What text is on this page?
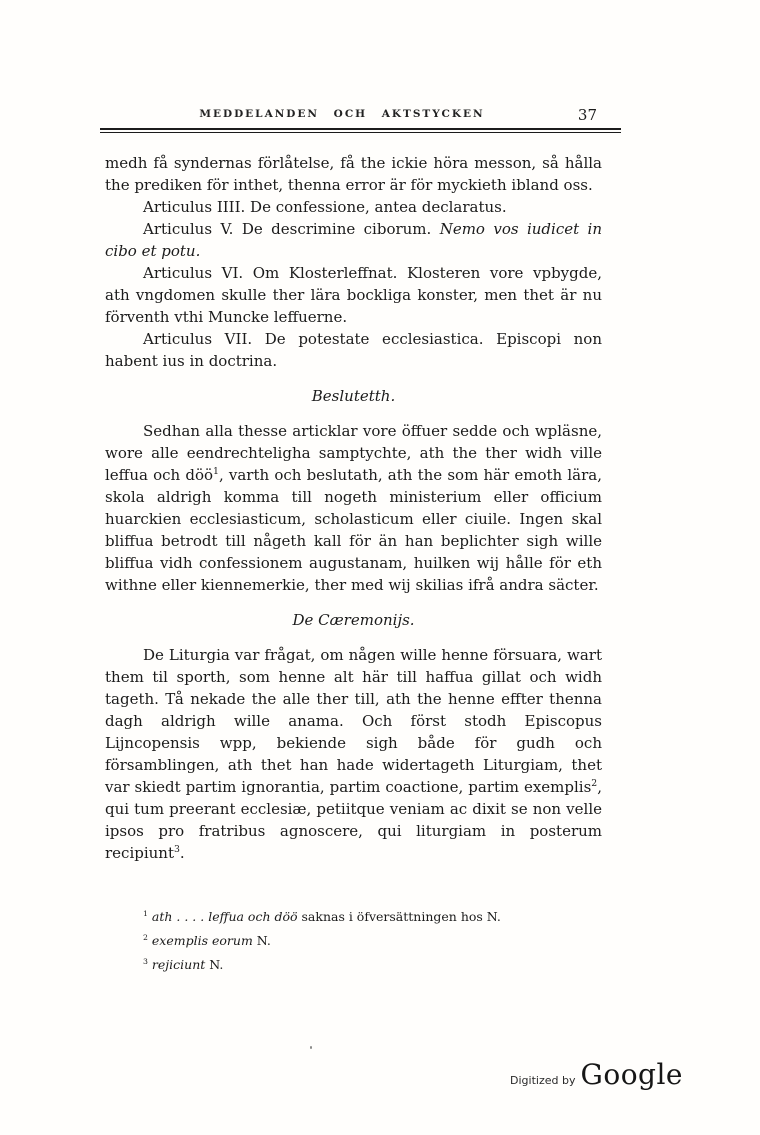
MEDDELANDEN OCH AKTSTYCKEN	37
medh få syndernas förlåtelse, få the ickie höra messon, så hålla the prediken för inthet, thenna error är för myckieth ibland oss.
Articulus IIII. De confessione, antea declaratus.
Articulus V. De descrimine ciborum. Nemo vos iudicet in cibo et potu.
Articulus VI. Om Klosterleffnat. Klosteren vore vpbygde, ath vngdomen skulle ther lära bockliga konster, men thet är nu förventh vthi Muncke leffuerne.
Articulus VII. De potestate ecclesiastica. Episcopi non habent ius in doctrina.
Beslutetth.
Sedhan alla thesse articklar vore öffuer sedde och wpläsne, wore alle eendrechteligha samptychte, ath the ther widh ville leffua och döö$^1$, varth och beslutath, ath the som här emoth lära, skola aldrigh komma till nogeth ministerium eller officium huarckien ecclesiasticum, scholasticum eller ciuile. Ingen skal bliffua betrodt till någeth kall för än han beplichter sigh wille bliffua vidh confessionem augustanam, huilken wij hålle för eth withne eller kiennemerkie, ther med wij skilias ifrå andra säcter.
De Cæremonijs.
De Liturgia var frågat, om någen wille henne försuara, wart them til sporth, som henne alt här till haffua gillat och widh tageth. Tå nekade the alle ther till, ath the henne effter thenna dagh aldrigh wille anama. Och först stodh Episcopus Lijncopensis wpp, bekiende sigh både för gudh och församblingen, ath thet han hade widertageth Liturgiam, thet var skiedt partim ignorantia, partim coactione, partim exemplis$^2$, qui tum preerant ecclesiæ, petiitque veniam ac dixit se non velle ipsos pro fratribus agnoscere, qui liturgiam in posterum recipiunt$^3$.
$^1$ ath . . . . leffua och döö saknas i öfversättningen hos N.
$^2$ exemplis eorum N.
$^3$ rejiciunt N.
Digitized by Google
